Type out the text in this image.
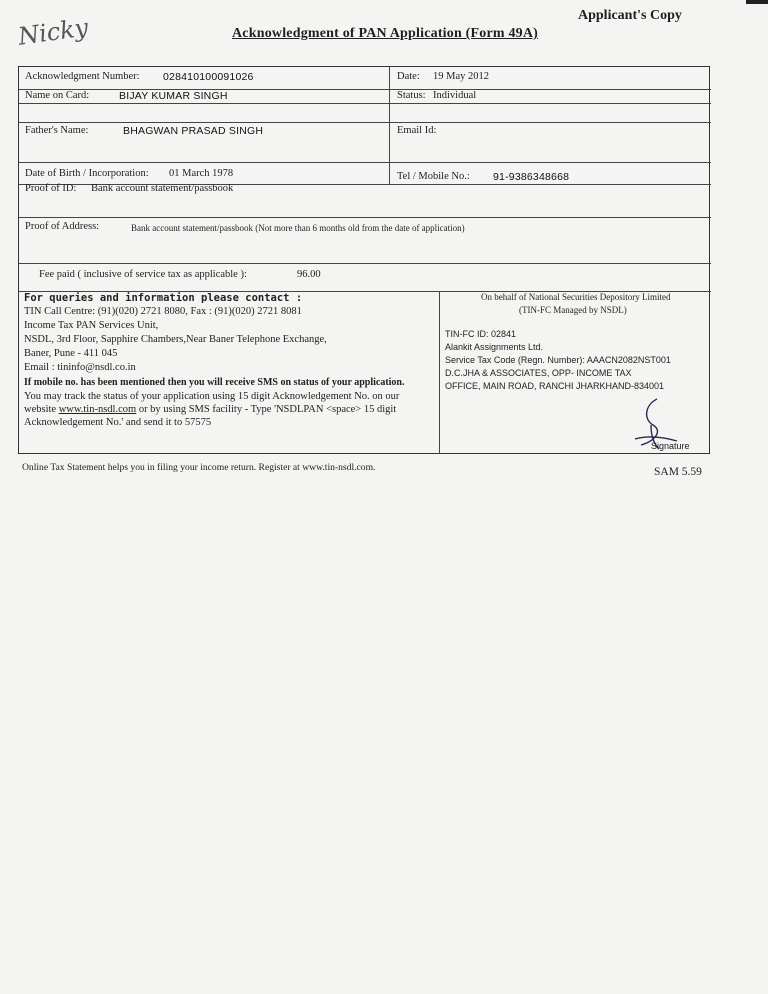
Nicky	Applicant's Copy
Acknowledgment of PAN Application (Form 49A)
Acknowledgment Number: 028410100091026	Date: 19 May 2012
Name on Card:	BIJAY KUMAR SINGH	Status: Individual
Father's Name:	BHAGWAN PRASAD SINGH	Email Id:
Date of Birth / Incorporation: 01 March 1978	Tel / Mobile No.: 91-9386348668
Proof of ID: Bank account statement/passbook
Proof of Address:	Bank account statement/passbook (Not more than 6 months old from the date of application)
Fee paid ( inclusive of service tax as applicable ):	96.00
For queries and information please contact :
TIN Call Centre: (91)(020) 2721 8080, Fax : (91)(020) 2721 8081
Income Tax PAN Services Unit,
NSDL, 3rd Floor, Sapphire Chambers,Near Baner Telephone Exchange,
Baner, Pune - 411 045
Email : tininfo@nsdl.co.in
If mobile no. has been mentioned then you will receive SMS on status of your application.
You may track the status of your application using 15 digit Acknowledgement No. on our
website www.tin-nsdl.com or by using SMS facility - Type 'NSDLPAN <space> 15 digit
Acknowledgement No.' and send it to 57575
On behalf of National Securities Depository Limited
(TIN-FC Managed by NSDL)
TIN-FC ID: 02841
Alankit Assignments Ltd.
Service Tax Code (Regn. Number): AAACN2082NST001
D.C.JHA & ASSOCIATES, OPP- INCOME TAX
OFFICE, MAIN ROAD, RANCHI JHARKHAND-834001
Signature
Online Tax Statement helps you in filing your income return. Register at www.tin-nsdl.com.	SAM 5.59
